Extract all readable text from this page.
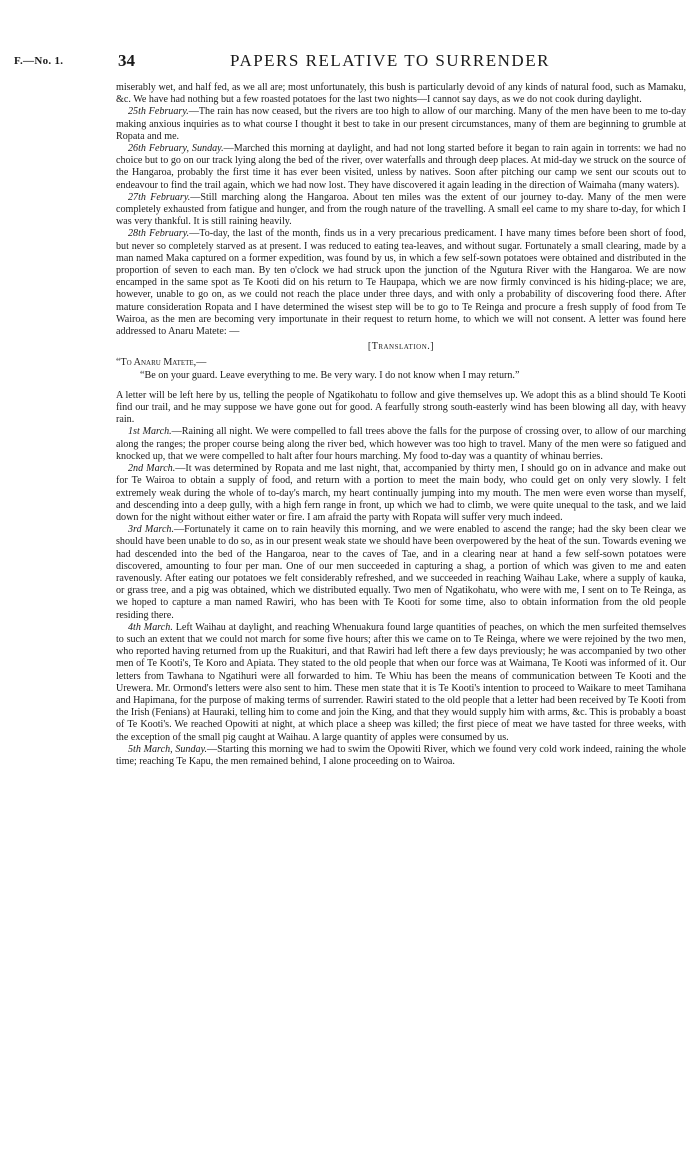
F.—No. 1.	34	PAPERS RELATIVE TO SURRENDER

miserably wet, and half fed, as we all are; most unfortunately, this bush is particularly devoid of any kinds of natural food, such as Mamaku, &c. We have had nothing but a few roasted potatoes for the last two nights—I cannot say days, as we do not cook during daylight.

25th February.—The rain has now ceased, but the rivers are too high to allow of our marching. Many of the men have been to me to-day making anxious inquiries as to what course I thought it best to take in our present circumstances, many of them are beginning to grumble at Ropata and me.

26th February, Sunday.—Marched this morning at daylight, and had not long started before it began to rain again in torrents: we had no choice but to go on our track lying along the bed of the river, over waterfalls and through deep places. At mid-day we struck on the source of the Hangaroa, probably the first time it has ever been visited, unless by natives. Soon after pitching our camp we sent our scouts out to endeavour to find the trail again, which we had now lost. They have discovered it again leading in the direction of Waimaha (many waters).

27th February.—Still marching along the Hangaroa. About ten miles was the extent of our journey to-day. Many of the men were completely exhausted from fatigue and hunger, and from the rough nature of the travelling. A small eel came to my share to-day, for which I was very thankful. It is still raining heavily.

28th February.—To-day, the last of the month, finds us in a very precarious predicament. I have many times before been short of food, but never so completely starved as at present. I was reduced to eating tea-leaves, and without sugar. Fortunately a small clearing, made by a man named Maka captured on a former expedition, was found by us, in which a few self-sown potatoes were obtained and distributed in the proportion of seven to each man. By ten o'clock we had struck upon the junction of the Ngutura River with the Hangaroa. We are now encamped in the same spot as Te Kooti did on his return to Te Haupapa, which we are now firmly convinced is his hiding-place; we are, however, unable to go on, as we could not reach the place under three days, and with only a probability of discovering food there. After mature consideration Ropata and I have determined the wisest step will be to go to Te Reinga and procure a fresh supply of food from Te Wairoa, as the men are becoming very importunate in their request to return home, to which we will not consent. A letter was found here addressed to Anaru Matete: —

[Translation.]

“To Anaru Matete,—

“Be on your guard. Leave everything to me. Be very wary. I do not know when I may return.”

A letter will be left here by us, telling the people of Ngatikohatu to follow and give themselves up. We adopt this as a blind should Te Kooti find our trail, and he may suppose we have gone out for good. A fearfully strong south-easterly wind has been blowing all day, with heavy rain.

1st March.—Raining all night. We were compelled to fall trees above the falls for the purpose of crossing over, to allow of our marching along the ranges; the proper course being along the river bed, which however was too high to travel. Many of the men were so fatigued and knocked up, that we were compelled to halt after four hours marching. My food to-day was a quantity of whinau berries.

2nd March.—It was determined by Ropata and me last night, that, accompanied by thirty men, I should go on in advance and make out for Te Wairoa to obtain a supply of food, and return with a portion to meet the main body, who could get on only very slowly. I felt extremely weak during the whole of to-day's march, my heart continually jumping into my mouth. The men were even worse than myself, and descending into a deep gully, with a high fern range in front, up which we had to climb, we were quite unequal to the task, and we laid down for the night without either water or fire. I am afraid the party with Ropata will suffer very much indeed.

3rd March.—Fortunately it came on to rain heavily this morning, and we were enabled to ascend the range; had the sky been clear we should have been unable to do so, as in our present weak state we should have been overpowered by the heat of the sun. Towards evening we had descended into the bed of the Hangaroa, near to the caves of Tae, and in a clearing near at hand a few self-sown potatoes were discovered, amounting to four per man. One of our men succeeded in capturing a shag, a portion of which was given to me and eaten ravenously. After eating our potatoes we felt considerably refreshed, and we succeeded in reaching Waihau Lake, where a supply of kauka, or grass tree, and a pig was obtained, which we distributed equally. Two men of Ngatikohatu, who were with me, I sent on to Te Reinga, as we hoped to capture a man named Rawiri, who has been with Te Kooti for some time, also to obtain information from the old people residing there.

4th March. Left Waihau at daylight, and reaching Whenuakura found large quantities of peaches, on which the men surfeited themselves to such an extent that we could not march for some five hours; after this we came on to Te Reinga, where we were rejoined by the two men, who reported having returned from up the Ruakituri, and that Rawiri had left there a few days previously; he was accompanied by two other men of Te Kooti's, Te Koro and Apiata. They stated to the old people that when our force was at Waimana, Te Kooti was informed of it. Our letters from Tawhana to Ngatihuri were all forwarded to him. Te Whiu has been the means of communication between Te Kooti and the Urewera. Mr. Ormond's letters were also sent to him. These men state that it is Te Kooti's intention to proceed to Waikare to meet Tamihana and Hapimana, for the purpose of making terms of surrender. Rawiri stated to the old people that a letter had been received by Te Kooti from the Irish (Fenians) at Hauraki, telling him to come and join the King, and that they would supply him with arms, &c. This is probably a boast of Te Kooti's. We reached Opowiti at night, at which place a sheep was killed; the first piece of meat we have tasted for three weeks, with the exception of the small pig caught at Waihau. A large quantity of apples were consumed by us.

5th March, Sunday.—Starting this morning we had to swim the Opowiti River, which we found very cold work indeed, raining the whole time; reaching Te Kapu, the men remained behind, I alone proceeding on to Wairoa.
